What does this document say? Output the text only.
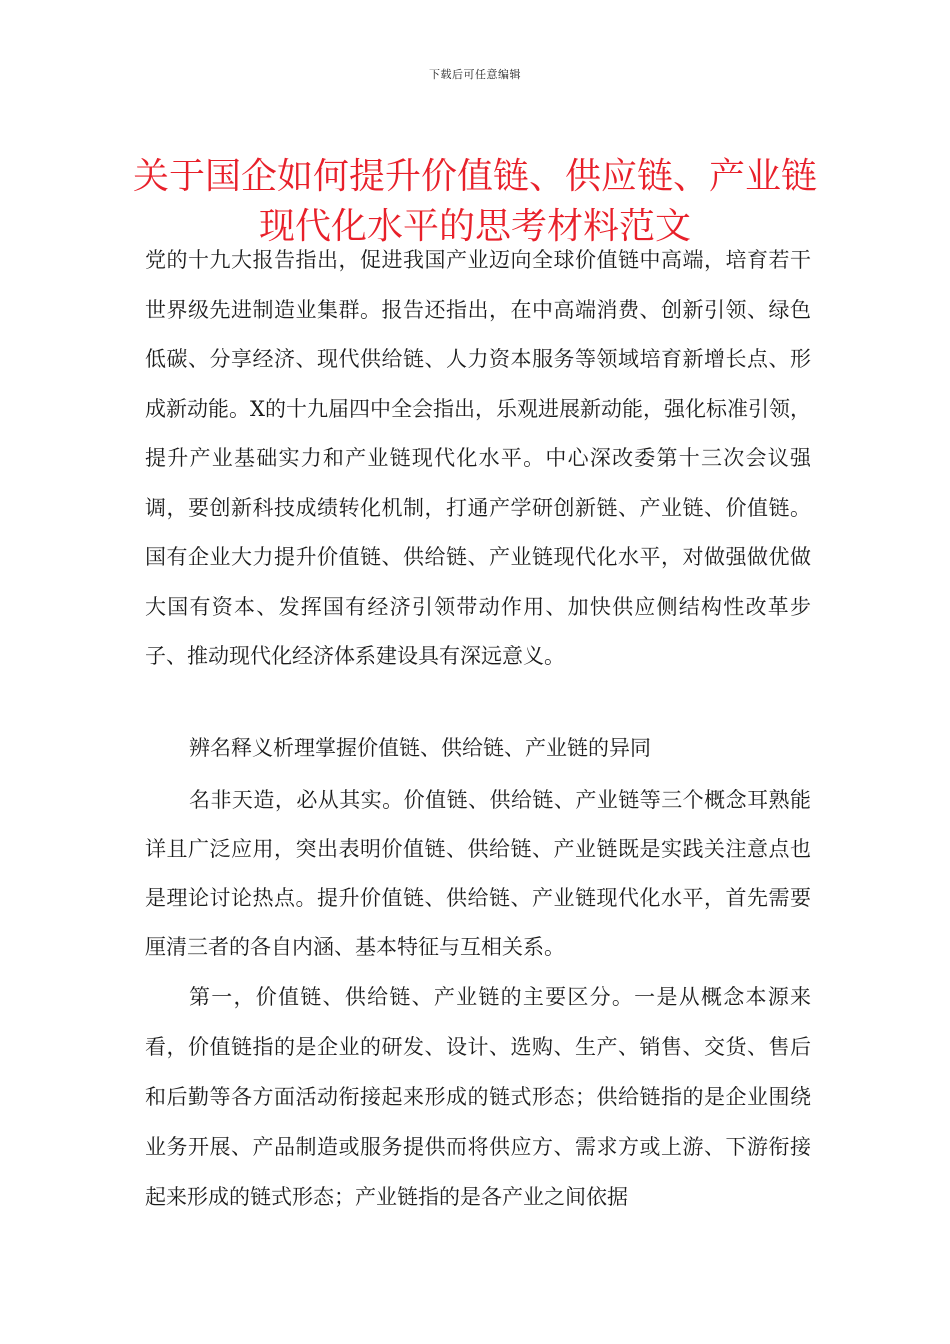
下载后可任意编辑
关于国企如何提升价值链、供应链、产业链现代化水平的思考材料范文

党的十九大报告指出，促进我国产业迈向全球价值链中高端，培育若干世界级先进制造业集群。报告还指出，在中高端消费、创新引领、绿色低碳、分享经济、现代供给链、人力资本服务等领域培育新增长点、形成新动能。X的十九届四中全会指出，乐观进展新动能，强化标准引领，提升产业基础实力和产业链现代化水平。中心深改委第十三次会议强调，要创新科技成绩转化机制，打通产学研创新链、产业链、价值链。国有企业大力提升价值链、供给链、产业链现代化水平，对做强做优做大国有资本、发挥国有经济引领带动作用、加快供应侧结构性改革步子、推动现代化经济体系建设具有深远意义。

辨名释义析理掌握价值链、供给链、产业链的异同

名非天造，必从其实。价值链、供给链、产业链等三个概念耳熟能详且广泛应用，突出表明价值链、供给链、产业链既是实践关注意点也是理论讨论热点。提升价值链、供给链、产业链现代化水平，首先需要厘清三者的各自内涵、基本特征与互相关系。

第一，价值链、供给链、产业链的主要区分。一是从概念本源来看，价值链指的是企业的研发、设计、选购、生产、销售、交货、售后和后勤等各方面活动衔接起来形成的链式形态；供给链指的是企业围绕业务开展、产品制造或服务提供而将供应方、需求方或上游、下游衔接起来形成的链式形态；产业链指的是各产业之间依据
